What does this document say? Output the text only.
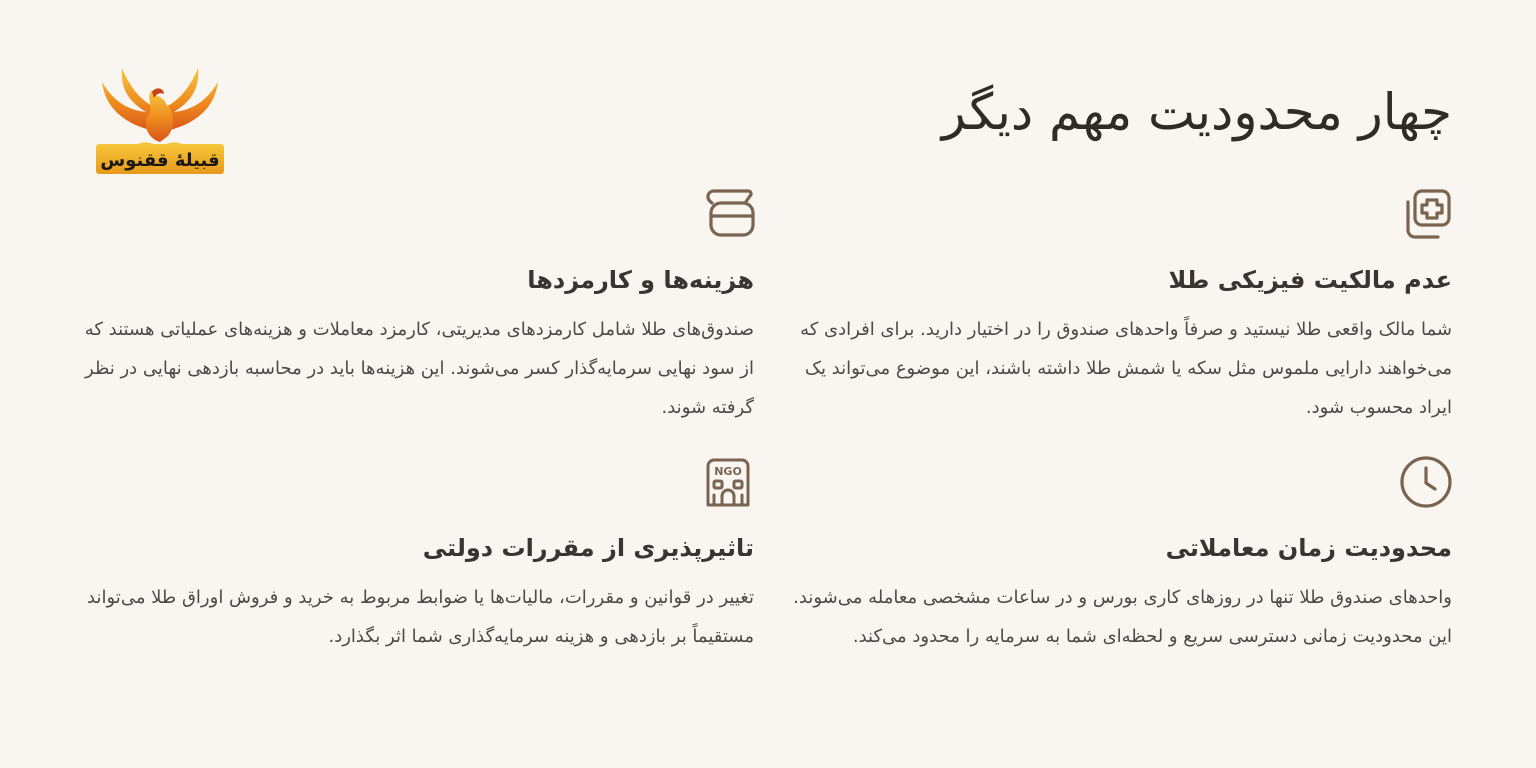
چهار محدودیت مهم دیگر
قبیلهٔ ققنوس
عدم مالکیت فیزیکی طلا

شما مالک واقعی طلا نیستید و صرفاً واحدهای صندوق را در اختیار دارید. برای افرادی که می‌خواهند دارایی ملموس مثل سکه یا شمش طلا داشته باشند، این موضوع می‌تواند یک ایراد محسوب شود.

هزینه‌ها و کارمزدها

صندوق‌های طلا شامل کارمزدهای مدیریتی، کارمزد معاملات و هزینه‌های عملیاتی هستند که از سود نهایی سرمایه‌گذار کسر می‌شوند. این هزینه‌ها باید در محاسبه بازدهی نهایی در نظر گرفته شوند.

محدودیت زمان معاملاتی

واحدهای صندوق طلا تنها در روزهای کاری بورس و در ساعات مشخصی معامله می‌شوند. این محدودیت زمانی دسترسی سریع و لحظه‌ای شما به سرمایه را محدود می‌کند.

NGO
تاثیرپذیری از مقررات دولتی

تغییر در قوانین و مقررات، مالیات‌ها یا ضوابط مربوط به خرید و فروش اوراق طلا می‌تواند مستقیماً بر بازدهی و هزینه سرمایه‌گذاری شما اثر بگذارد.
